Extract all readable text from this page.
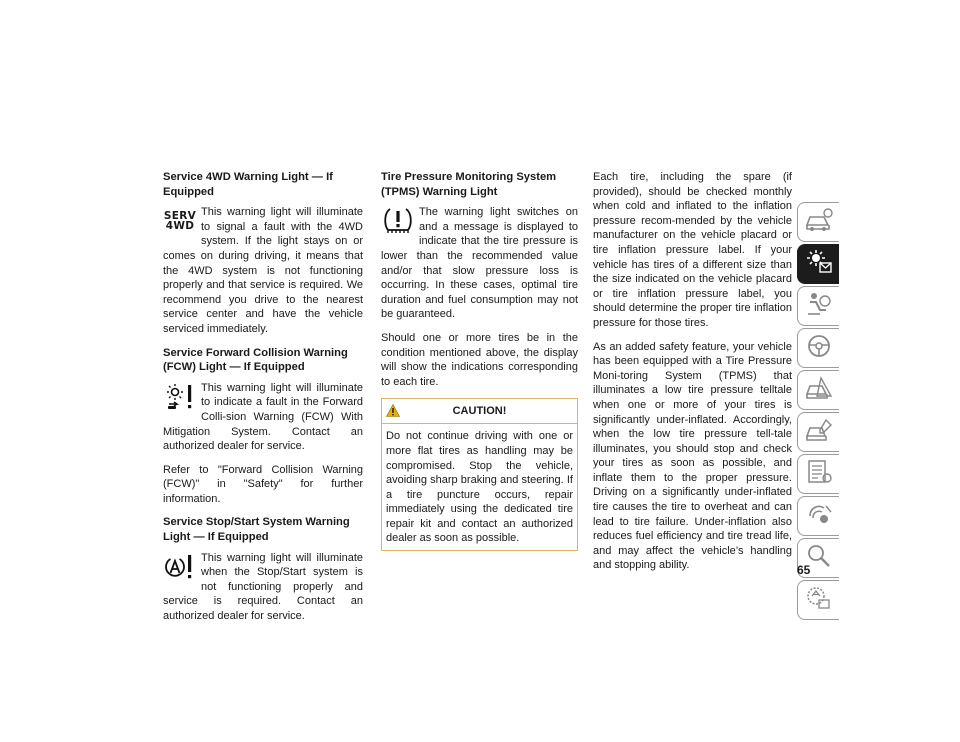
Service 4WD Warning Light — If Equipped
SERV
4WD

This warning light will illuminate to signal a fault with the 4WD system. If the light stays on or comes on during driving, it means that the 4WD system is not functioning properly and that service is required. We recommend you drive to the nearest service center and have the vehicle serviced immediately.

Service Forward Collision Warning (FCW) Light — If Equipped

This warning light will illuminate to indicate a fault in the Forward Colli-sion Warning (FCW) With Mitigation System. Contact an authorized dealer for service.

Refer to "Forward Collision Warning (FCW)" in "Safety" for further information.

Service Stop/Start System Warning Light — If Equipped

This warning light will illuminate when the Stop/Start system is not functioning properly and service is required. Contact an authorized dealer for service.

Tire Pressure Monitoring System (TPMS) Warning Light

The warning light switches on and a message is displayed to indicate that the tire pressure is lower than the recommended value and/or that slow pressure loss is occurring. In these cases, optimal tire duration and fuel consumption may not be guaranteed.

Should one or more tires be in the condition mentioned above, the display will show the indications corresponding to each tire.

CAUTION!

Do not continue driving with one or more flat tires as handling may be compromised. Stop the vehicle, avoiding sharp braking and steering. If a tire puncture occurs, repair immediately using the dedicated tire repair kit and contact an authorized dealer as soon as possible.

Each tire, including the spare (if provided), should be checked monthly when cold and inflated to the inflation pressure recom-mended by the vehicle manufacturer on the vehicle placard or tire inflation pressure label. If your vehicle has tires of a different size than the size indicated on the vehicle placard or tire inflation pressure label, you should determine the proper tire inflation pressure for those tires.

As an added safety feature, your vehicle has been equipped with a Tire Pressure Moni-toring System (TPMS) that illuminates a low tire pressure telltale when one or more of your tires is significantly under-inflated. Accordingly, when the low tire pressure tell-tale illuminates, you should stop and check your tires as soon as possible, and inflate them to the proper pressure. Driving on a significantly under-inflated tire causes the tire to overheat and can lead to tire failure. Under-inflation also reduces fuel efficiency and tire tread life, and may affect the vehicle’s handling and stopping ability.	65
